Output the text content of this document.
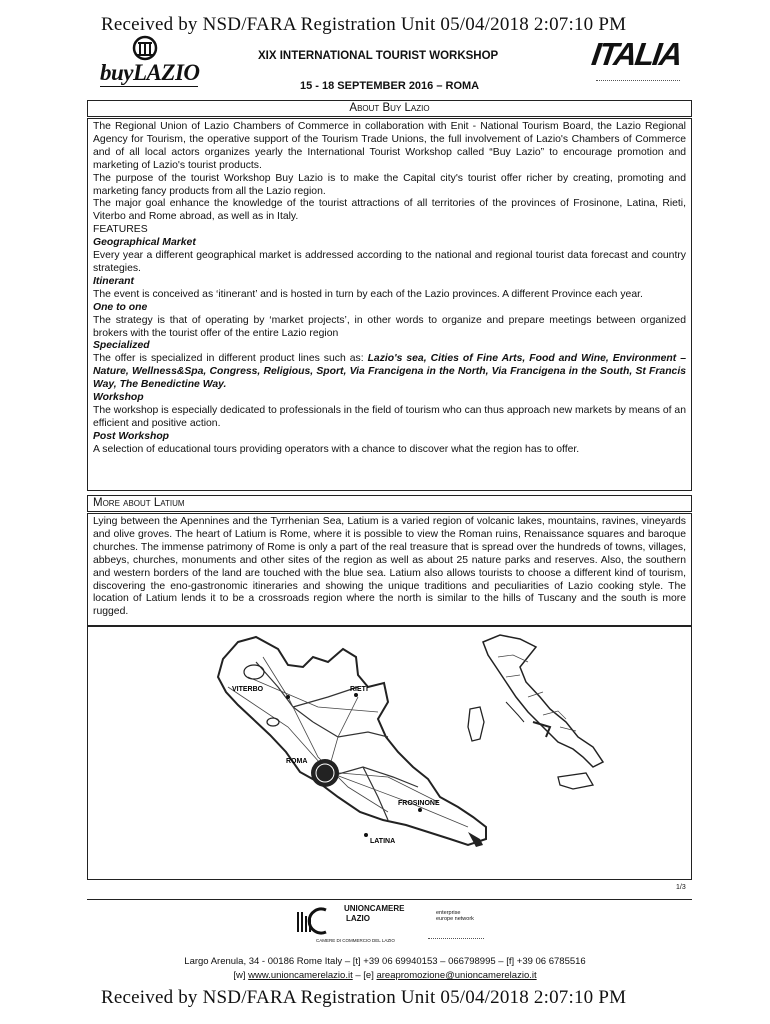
Received by NSD/FARA Registration Unit 05/04/2018 2:07:10 PM
buyLAZIO
XIX INTERNATIONAL TOURIST WORKSHOP
15 - 18 SEPTEMBER 2016 – ROMA
ITALIA
About Buy Lazio

The Regional Union of Lazio Chambers of Commerce in collaboration with Enit - National Tourism Board, the Lazio Regional Agency for Tourism, the operative support of the Tourism Trade Unions, the full involvement of Lazio's Chambers of Commerce and of all local actors organizes yearly the International Tourist Workshop called “Buy Lazio” to encourage promotion and marketing of Lazio's tourist products.

The purpose of the tourist Workshop Buy Lazio is to make the Capital city's tourist offer richer by creating, promoting and marketing fancy products from all the Lazio region.

The major goal enhance the knowledge of the tourist attractions of all territories of the provinces of Frosinone, Latina, Rieti, Viterbo and Rome abroad, as well as in Italy.

FEATURES

Geographical Market

Every year a different geographical market is addressed according to the national and regional tourist data forecast and country strategies.

Itinerant

The event is conceived as ‘itinerant’ and is hosted in turn by each of the Lazio provinces. A different Province each year.

One to one

The strategy is that of operating by ‘market projects’, in other words to organize and prepare meetings between organized brokers with the tourist offer of the entire Lazio region

Specialized

The offer is specialized in different product lines such as: Lazio's sea, Cities of Fine Arts, Food and Wine, Environment – Nature, Wellness&Spa, Congress, Religious, Sport, Via Francigena in the North, Via Francigena in the South, St Francis Way, The Benedictine Way.

Workshop

The workshop is especially dedicated to professionals in the field of tourism who can thus approach new markets by means of an efficient and positive action.

Post Workshop

A selection of educational tours providing operators with a chance to discover what the region has to offer.

More about Latium

Lying between the Apennines and the Tyrrhenian Sea, Latium is a varied region of volcanic lakes, mountains, ravines, vineyards and olive groves. The heart of Latium is Rome, where it is possible to view the Roman ruins, Renaissance squares and baroque churches. The immense patrimony of Rome is only a part of the real treasure that is spread over the hundreds of towns, villages, abbeys, churches, monuments and other sites of the region as well as about 25 nature parks and reserves. Also, the southern and western borders of the land are touched with the blue sea. Latium also allows tourists to choose a different kind of tourism, discovering the eno-gastronomic itineraries and showing the unique traditions and peculiarities of Lazio cooking style. The location of Latium lends it to be a crossroads region where the north is similar to the hills of Tuscany and the south is more rugged.

VITERBO	RIETI
ROMA
FROSINONE
LATINA
1/3
UNIONCAMERE
LAZIO
CAMERE DI COMMERCIO DEL LAZIO
enterprise europe network
Largo Arenula, 34 - 00186 Rome Italy – [t] +39 06 69940153 – 066798995 – [f] +39 06 6785516
[w] www.unioncamerelazio.it – [e] areapromozione@unioncamerelazio.it
Received by NSD/FARA Registration Unit 05/04/2018 2:07:10 PM
